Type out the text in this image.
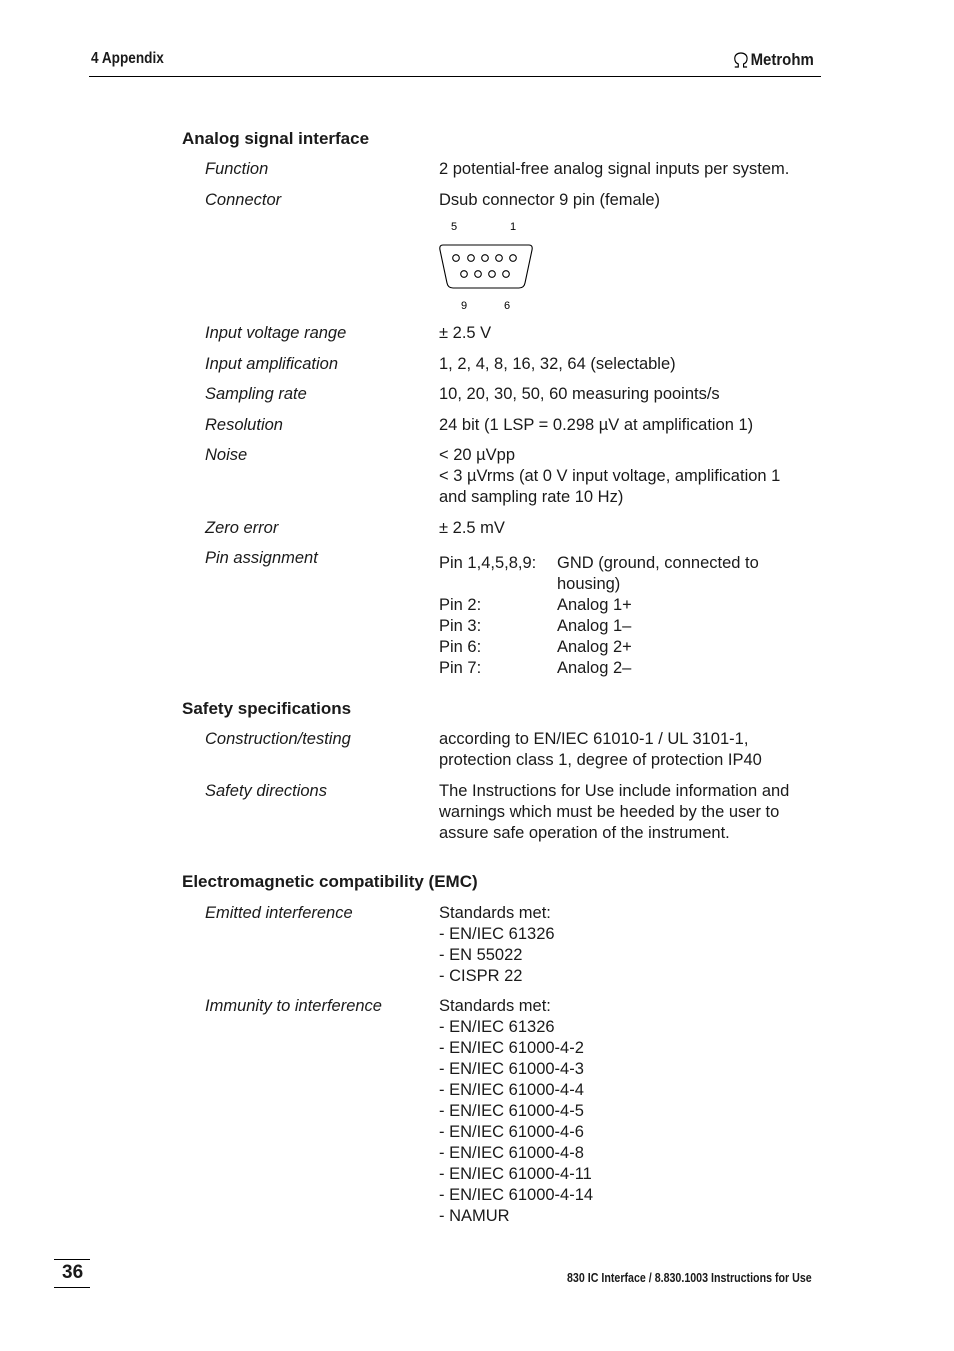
4 Appendix	Metrohm
Analog signal interface
Function	2 potential-free analog signal inputs per system.
Connector	Dsub connector 9 pin (female)
5	1
9	6
Input voltage range	± 2.5 V
Input amplification	1, 2, 4, 8, 16, 32, 64 (selectable)
Sampling rate	10, 20, 30, 50, 60 measuring pooints/s
Resolution	24 bit (1 LSP = 0.298 µV at amplification 1)
Noise	< 20 µVpp
< 3 µVrms (at 0 V input voltage, amplification 1
and sampling rate 10 Hz)
Zero error	± 2.5 mV
Pin assignment	Pin 1,4,5,8,9: GND (ground, connected to
housing)
Pin 2:	Analog 1+
Pin 3:	Analog 1–
Pin 6:	Analog 2+
Pin 7:	Analog 2–
Safety specifications
Construction/testing	according to EN/IEC 61010-1 / UL 3101-1,
protection class 1, degree of protection IP40
Safety directions	The Instructions for Use include information and
warnings which must be heeded by the user to
assure safe operation of the instrument.
Electromagnetic compatibility (EMC)
Emitted interference	Standards met:
- EN/IEC 61326
- EN 55022
- CISPR 22
Immunity to interference	Standards met:
- EN/IEC 61326
- EN/IEC 61000-4-2
- EN/IEC 61000-4-3
- EN/IEC 61000-4-4
- EN/IEC 61000-4-5
- EN/IEC 61000-4-6
- EN/IEC 61000-4-8
- EN/IEC 61000-4-11
- EN/IEC 61000-4-14
- NAMUR
36	830 IC Interface / 8.830.1003 Instructions for Use
